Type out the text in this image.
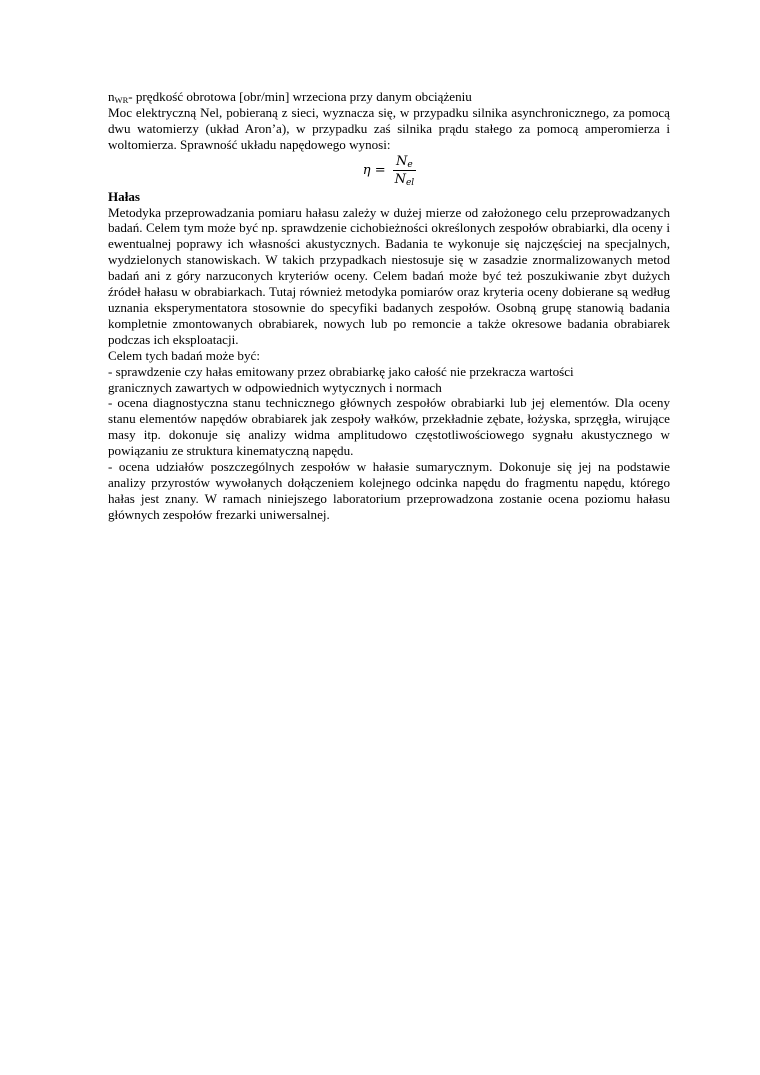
$n_{WR}-$ prędkość obrotowa [obr/min] wrzeciona przy danym obciążeniu

Moc elektryczną Nel, pobieraną z sieci, wyznacza się, w przypadku silnika asynchronicznego, za pomocą dwu watomierzy (układ Aron’a), w przypadku zaś silnika prądu stałego za pomocą amperomierza i woltomierza. Sprawność układu napędowego wynosi:

$\eta = \frac{Ne}{\text{Nel}}$

Hałas

Metodyka przeprowadzania pomiaru hałasu zależy w dużej mierze od założonego celu przeprowadzanych badań. Celem tym może być np. sprawdzenie cichobieżności określonych zespołów obrabiarki, dla oceny i ewentualnej poprawy ich własności akustycznych. Badania te wykonuje się najczęściej na specjalnych, wydzielonych stanowiskach. W takich przypadkach niestosuje się w zasadzie znormalizowanych metod badań ani z góry narzuconych kryteriów oceny. Celem badań może być też poszukiwanie zbyt dużych źródeł hałasu w obrabiarkach. Tutaj również metodyka pomiarów oraz kryteria oceny dobierane są według uznania eksperymentatora stosownie do specyfiki badanych zespołów. Osobną grupę stanowią badania kompletnie zmontowanych obrabiarek, nowych lub po remoncie a także okresowe badania obrabiarek podczas ich eksploatacji.

Celem tych badań może być:

- sprawdzenie czy hałas emitowany przez obrabiarkę jako całość nie przekracza wartości

granicznych zawartych w odpowiednich wytycznych i normach

- ocena diagnostyczna stanu technicznego głównych zespołów obrabiarki lub jej elementów. Dla oceny stanu elementów napędów obrabiarek jak zespoły wałków, przekładnie zębate, łożyska, sprzęgła, wirujące masy itp. dokonuje się analizy widma amplitudowo częstotliwościowego sygnału akustycznego w powiązaniu ze struktura kinematyczną napędu.

- ocena udziałów poszczególnych zespołów w hałasie sumarycznym. Dokonuje się jej na podstawie analizy przyrostów wywołanych dołączeniem kolejnego odcinka napędu do fragmentu napędu, którego hałas jest znany. W ramach niniejszego laboratorium przeprowadzona zostanie ocena poziomu hałasu głównych zespołów frezarki uniwersalnej.
